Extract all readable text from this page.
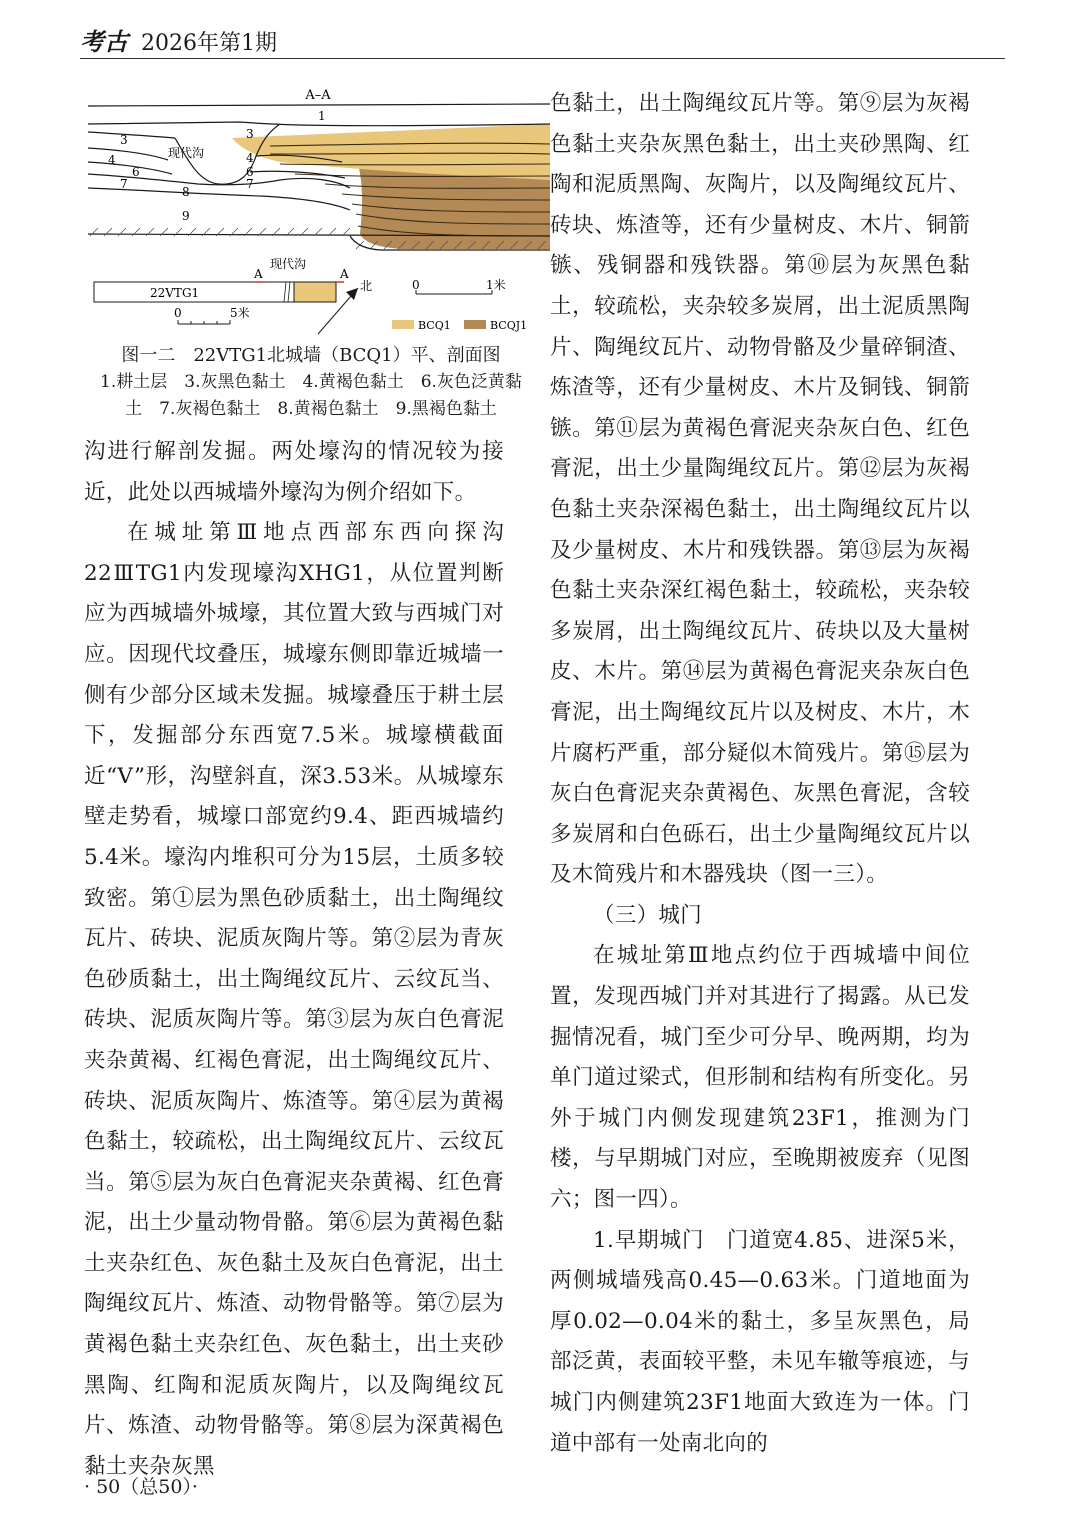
考古 2026年第1期
A–A
现代沟
1
3
4
6
7
8
9
3
4
6
7
0	1米
22VTG1
现代沟
A	A
北
0	5米
BCQ1	BCQJ1
图一二　22VTG1北城墙（BCQ1）平、剖面图
1.耕土层　3.灰黑色黏土　4.黄褐色黏土　6.灰色泛黄黏
土　7.灰褐色黏土　8.黄褐色黏土　9.黑褐色黏土

沟进行解剖发掘。两处壕沟的情况较为接近，此处以西城墙外壕沟为例介绍如下。

在城址第Ⅲ地点西部东西向探沟22ⅢTG1内发现壕沟XHG1，从位置判断应为西城墙外城壕，其位置大致与西城门对应。因现代坟叠压，城壕东侧即靠近城墙一侧有少部分区域未发掘。城壕叠压于耕土层下，发掘部分东西宽7.5米。城壕横截面近“V”形，沟壁斜直，深3.53米。从城壕东壁走势看，城壕口部宽约9.4、距西城墙约5.4米。壕沟内堆积可分为15层，土质多较致密。第①层为黑色砂质黏土，出土陶绳纹瓦片、砖块、泥质灰陶片等。第②层为青灰色砂质黏土，出土陶绳纹瓦片、云纹瓦当、砖块、泥质灰陶片等。第③层为灰白色膏泥夹杂黄褐、红褐色膏泥，出土陶绳纹瓦片、砖块、泥质灰陶片、炼渣等。第④层为黄褐色黏土，较疏松，出土陶绳纹瓦片、云纹瓦当。第⑤层为灰白色膏泥夹杂黄褐、红色膏泥，出土少量动物骨骼。第⑥层为黄褐色黏土夹杂红色、灰色黏土及灰白色膏泥，出土陶绳纹瓦片、炼渣、动物骨骼等。第⑦层为黄褐色黏土夹杂红色、灰色黏土，出土夹砂黑陶、红陶和泥质灰陶片，以及陶绳纹瓦片、炼渣、动物骨骼等。第⑧层为深黄褐色黏土夹杂灰黑

色黏土，出土陶绳纹瓦片等。第⑨层为灰褐色黏土夹杂灰黑色黏土，出土夹砂黑陶、红陶和泥质黑陶、灰陶片，以及陶绳纹瓦片、砖块、炼渣等，还有少量树皮、木片、铜箭镞、残铜器和残铁器。第⑩层为灰黑色黏土，较疏松，夹杂较多炭屑，出土泥质黑陶片、陶绳纹瓦片、动物骨骼及少量碎铜渣、炼渣等，还有少量树皮、木片及铜钱、铜箭镞。第⑪层为黄褐色膏泥夹杂灰白色、红色膏泥，出土少量陶绳纹瓦片。第⑫层为灰褐色黏土夹杂深褐色黏土，出土陶绳纹瓦片以及少量树皮、木片和残铁器。第⑬层为灰褐色黏土夹杂深红褐色黏土，较疏松，夹杂较多炭屑，出土陶绳纹瓦片、砖块以及大量树皮、木片。第⑭层为黄褐色膏泥夹杂灰白色膏泥，出土陶绳纹瓦片以及树皮、木片，木片腐朽严重，部分疑似木简残片。第⑮层为灰白色膏泥夹杂黄褐色、灰黑色膏泥，含较多炭屑和白色砾石，出土少量陶绳纹瓦片以及木简残片和木器残块（图一三）。

（三）城门

在城址第Ⅲ地点约位于西城墙中间位置，发现西城门并对其进行了揭露。从已发掘情况看，城门至少可分早、晚两期，均为单门道过梁式，但形制和结构有所变化。另外于城门内侧发现建筑23F1，推测为门楼，与早期城门对应，至晚期被废弃（见图六；图一四）。

1.早期城门　门道宽4.85、进深5米，两侧城墙残高0.45—0.63米。门道地面为厚0.02—0.04米的黏土，多呈灰黑色，局部泛黄，表面较平整，未见车辙等痕迹，与城门内侧建筑23F1地面大致连为一体。门道中部有一处南北向的

· 50（总50）·
